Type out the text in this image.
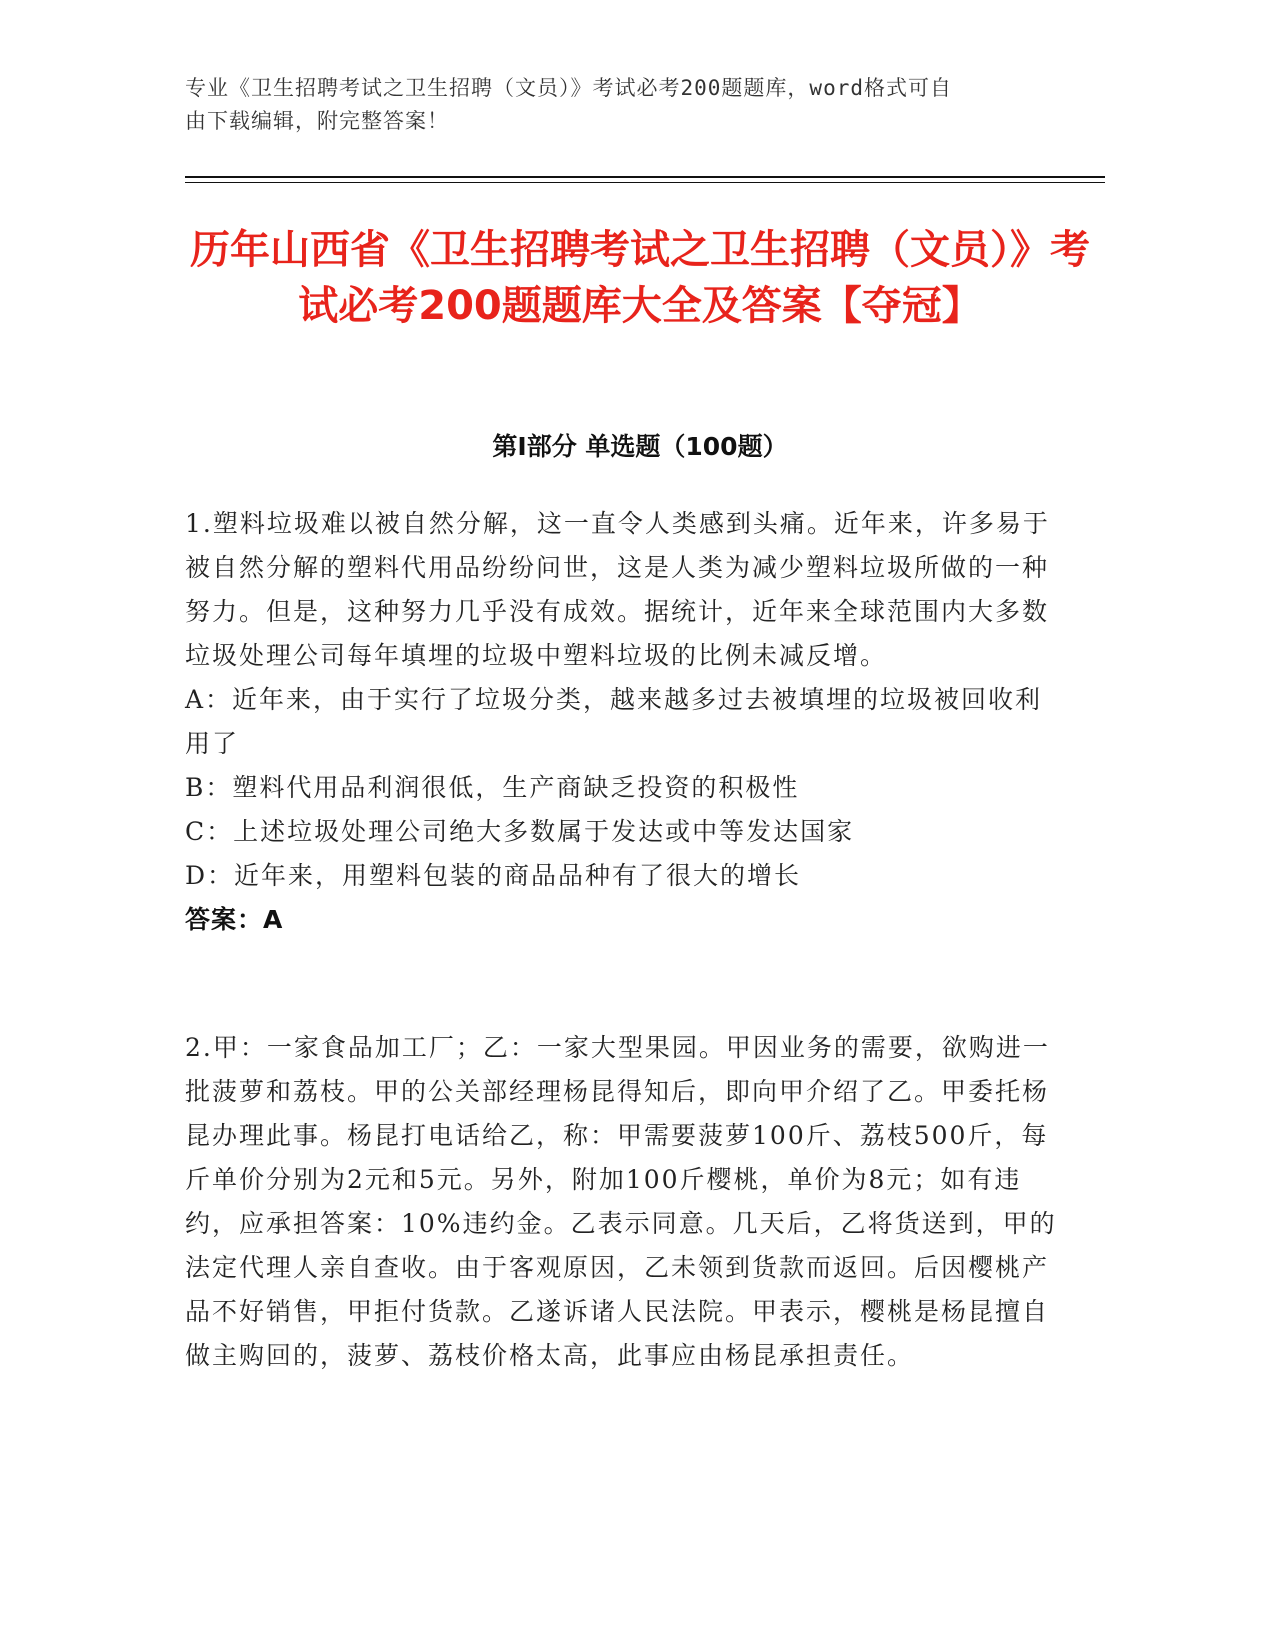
专业《卫生招聘考试之卫生招聘（文员）》考试必考200题题库，word格式可自
由下载编辑，附完整答案！
历年山西省《卫生招聘考试之卫生招聘（文员）》考试必考200题题库大全及答案【夺冠】
第Ⅰ部分 单选题（100题）

1.塑料垃圾难以被自然分解，这一直令人类感到头痛。近年来，许多易于被自然分解的塑料代用品纷纷问世，这是人类为减少塑料垃圾所做的一种努力。但是，这种努力几乎没有成效。据统计，近年来全球范围内大多数垃圾处理公司每年填埋的垃圾中塑料垃圾的比例未减反增。

A：近年来，由于实行了垃圾分类，越来越多过去被填埋的垃圾被回收利用了

B：塑料代用品利润很低，生产商缺乏投资的积极性

C：上述垃圾处理公司绝大多数属于发达或中等发达国家

D：近年来，用塑料包装的商品品种有了很大的增长

答案：A

2.甲：一家食品加工厂；乙：一家大型果园。甲因业务的需要，欲购进一批菠萝和荔枝。甲的公关部经理杨昆得知后，即向甲介绍了乙。甲委托杨昆办理此事。杨昆打电话给乙，称：甲需要菠萝100斤、荔枝500斤，每斤单价分别为2元和5元。另外，附加100斤樱桃，单价为8元；如有违约，应承担答案：10%违约金。乙表示同意。几天后，乙将货送到，甲的法定代理人亲自查收。由于客观原因，乙未领到货款而返回。后因樱桃产品不好销售，甲拒付货款。乙遂诉诸人民法院。甲表示，樱桃是杨昆擅自做主购回的，菠萝、荔枝价格太高，此事应由杨昆承担责任。
